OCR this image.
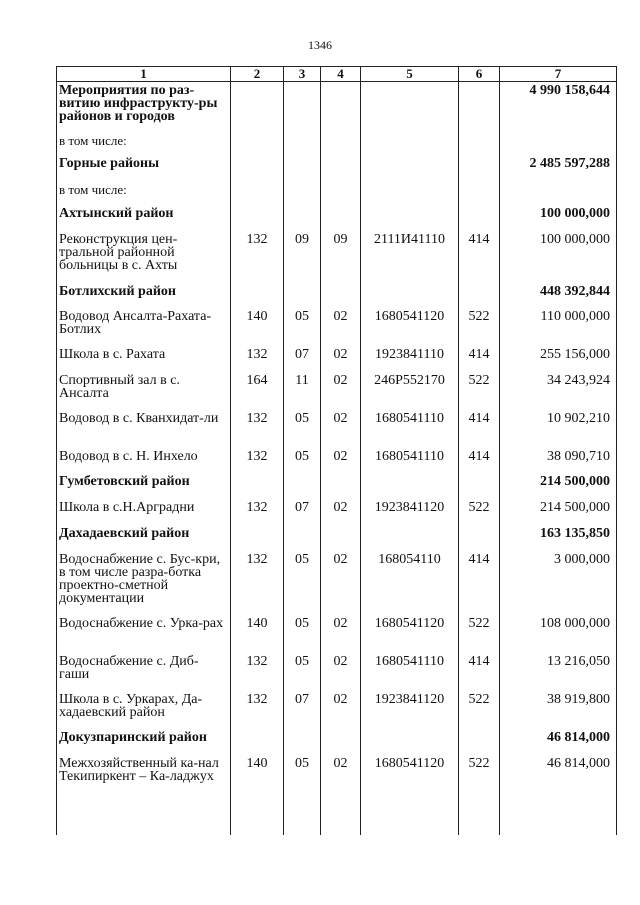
1346
1	2	3	4	5	6	7
Мероприятия по раз-витию инфраструкту-ры районов и городов						4 990 158,644
в том числе:						
Горные районы						2 485 597,288
в том числе:						
Ахтынский район						100 000,000
Реконструкция цен-тральной районной больницы в с. Ахты	132	09	09	2111И41110	414	100 000,000
Ботлихский район						448 392,844
Водовод Ансалта-Рахата-Ботлих	140	05	02	1680541120	522	110 000,000
Школа в с. Рахата	132	07	02	1923841110	414	255 156,000
Спортивный зал в с. Ансалта	164	11	02	246Р552170	522	34 243,924
Водовод в с. Кванхидат-ли	132	05	02	1680541110	414	10 902,210
Водовод в с. Н. Инхело	132	05	02	1680541110	414	38 090,710
Гумбетовский район						214 500,000
Школа в с.Н.Арградни	132	07	02	1923841120	522	214 500,000
Дахадаевский район						163 135,850
Водоснабжение с. Бус-кри, в том числе разра-ботка проектно-сметной документации	132	05	02	168054110	414	3 000,000
Водоснабжение с. Урка-рах	140	05	02	1680541120	522	108 000,000
Водоснабжение с. Диб-гаши	132	05	02	1680541110	414	13 216,050
Школа в с. Уркарах, Да-хадаевский район	132	07	02	1923841120	522	38 919,800
Докузпаринский район						46 814,000
Межхозяйственный ка-нал Текипиркент – Ка-ладжух	140	05	02	1680541120	522	46 814,000
